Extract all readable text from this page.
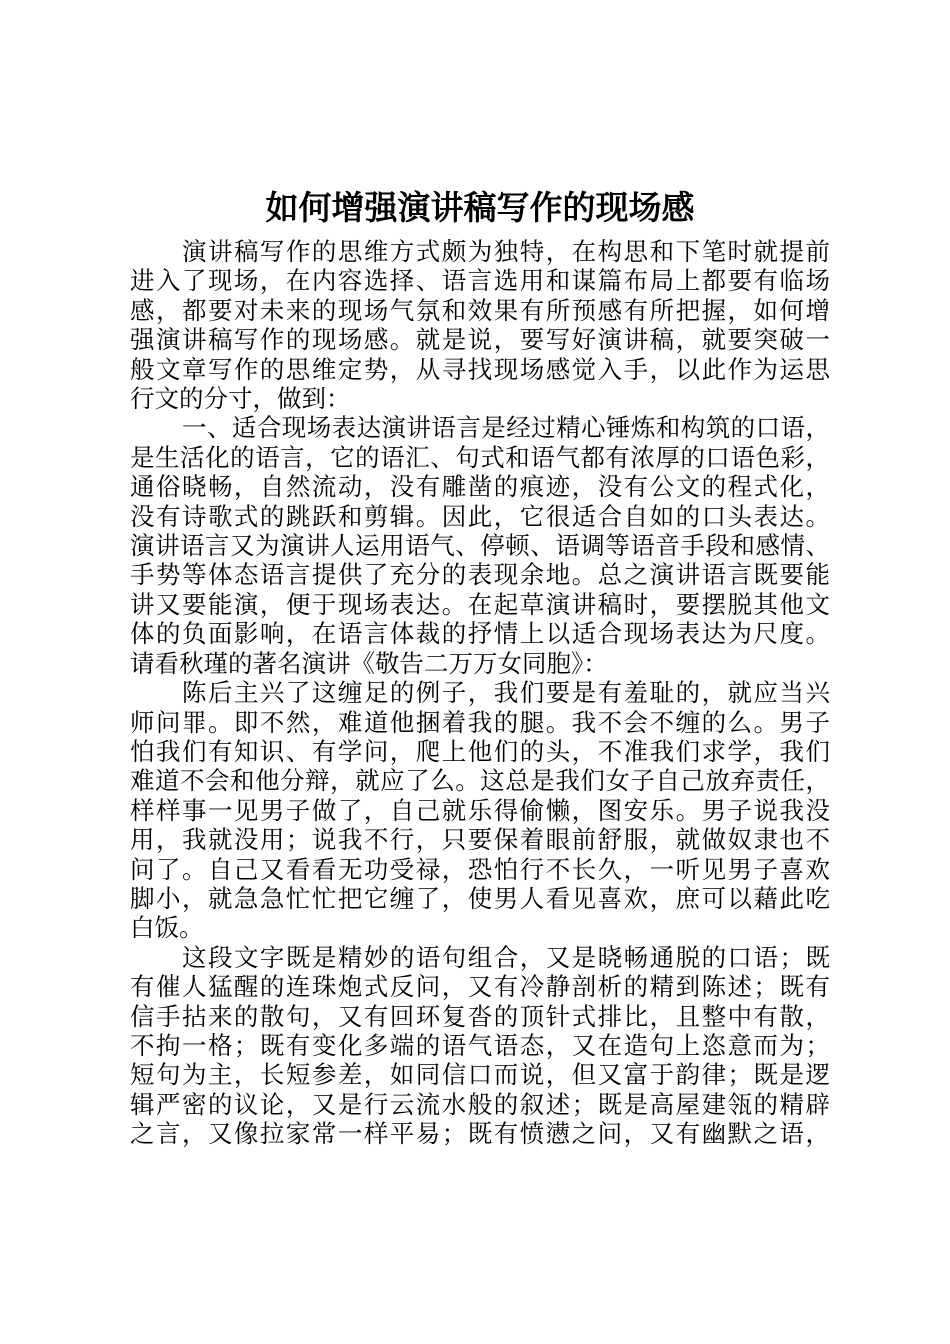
如何增强演讲稿写作的现场感
演讲稿写作的思维方式颇为独特，在构思和下笔时就提前
进入了现场，在内容选择、语言选用和谋篇布局上都要有临场
感，都要对未来的现场气氛和效果有所预感有所把握，如何增
强演讲稿写作的现场感。就是说，要写好演讲稿，就要突破一
般文章写作的思维定势，从寻找现场感觉入手，以此作为运思
行文的分寸，做到：
一、适合现场表达演讲语言是经过精心锤炼和构筑的口语，
是生活化的语言，它的语汇、句式和语气都有浓厚的口语色彩，
通俗晓畅，自然流动，没有雕凿的痕迹，没有公文的程式化，
没有诗歌式的跳跃和剪辑。因此，它很适合自如的口头表达。
演讲语言又为演讲人运用语气、停顿、语调等语音手段和感情、
手势等体态语言提供了充分的表现余地。总之演讲语言既要能
讲又要能演，便于现场表达。在起草演讲稿时，要摆脱其他文
体的负面影响，在语言体裁的抒情上以适合现场表达为尺度。
请看秋瑾的著名演讲《敬告二万万女同胞》：
陈后主兴了这缠足的例子，我们要是有羞耻的，就应当兴
师问罪。即不然，难道他捆着我的腿。我不会不缠的么。男子
怕我们有知识、有学问，爬上他们的头，不准我们求学，我们
难道不会和他分辩，就应了么。这总是我们女子自己放弃责任，
样样事一见男子做了，自己就乐得偷懒，图安乐。男子说我没
用，我就没用；说我不行，只要保着眼前舒服，就做奴隶也不
问了。自己又看看无功受禄，恐怕行不长久，一听见男子喜欢
脚小，就急急忙忙把它缠了，使男人看见喜欢，庶可以藉此吃
白饭。
这段文字既是精妙的语句组合，又是晓畅通脱的口语；既
有催人猛醒的连珠炮式反问，又有冷静剖析的精到陈述；既有
信手拈来的散句，又有回环复沓的顶针式排比，且整中有散，
不拘一格；既有变化多端的语气语态，又在造句上恣意而为；
短句为主，长短参差，如同信口而说，但又富于韵律；既是逻
辑严密的议论，又是行云流水般的叙述；既是高屋建瓴的精辟
之言，又像拉家常一样平易；既有愤懑之问，又有幽默之语，
